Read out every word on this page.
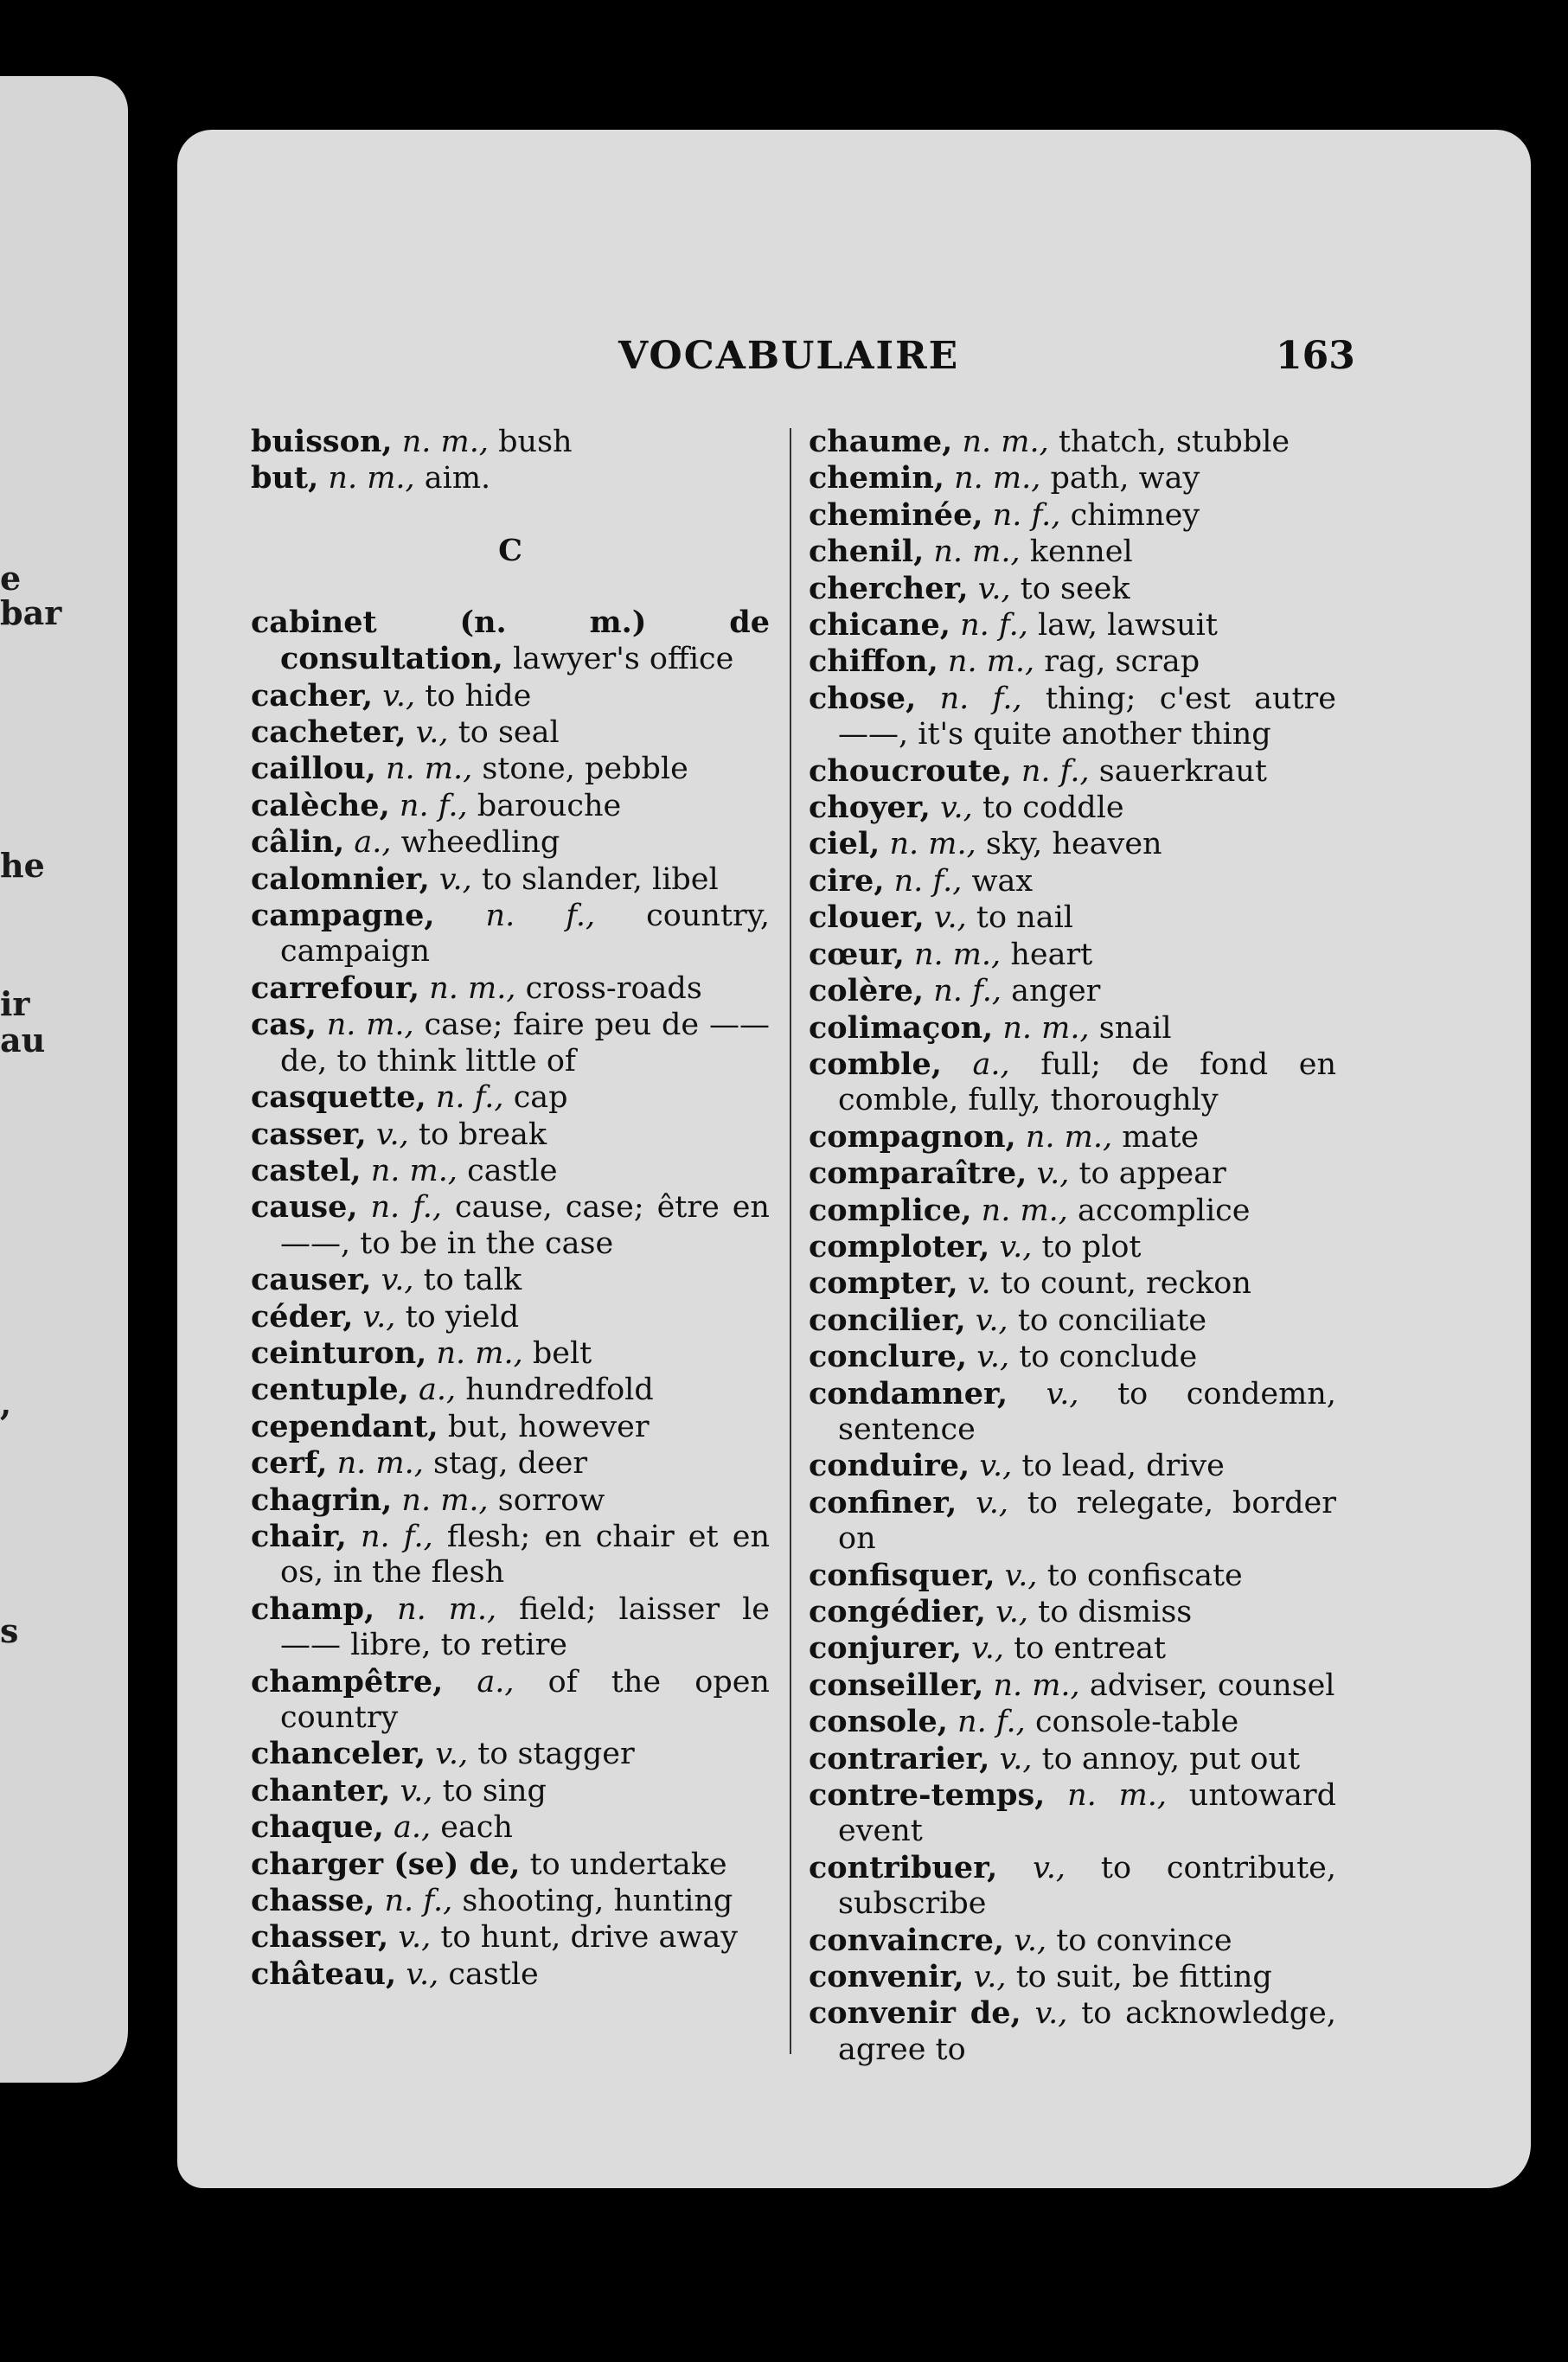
e
bar
he
ir
au
,
s
VOCABULAIRE	163

buisson, n. m., bush

but, n. m., aim.

C

cabinet (n. m.) de consultation, lawyer's office

cacher, v., to hide

cacheter, v., to seal

caillou, n. m., stone, pebble

calèche, n. f., barouche

câlin, a., wheedling

calomnier, v., to slander, libel

campagne, n. f., country, campaign

carrefour, n. m., cross-roads

cas, n. m., case; faire peu de —— de, to think little of

casquette, n. f., cap

casser, v., to break

castel, n. m., castle

cause, n. f., cause, case; être en ——, to be in the case

causer, v., to talk

céder, v., to yield

ceinturon, n. m., belt

centuple, a., hundredfold

cependant, but, however

cerf, n. m., stag, deer

chagrin, n. m., sorrow

chair, n. f., flesh; en chair et en os, in the flesh

champ, n. m., field; laisser le —— libre, to retire

champêtre, a., of the open country

chanceler, v., to stagger

chanter, v., to sing

chaque, a., each

charger (se) de, to undertake

chasse, n. f., shooting, hunting

chasser, v., to hunt, drive away

château, v., castle

chaume, n. m., thatch, stubble

chemin, n. m., path, way

cheminée, n. f., chimney

chenil, n. m., kennel

chercher, v., to seek

chicane, n. f., law, lawsuit

chiffon, n. m., rag, scrap

chose, n. f., thing; c'est autre ——, it's quite another thing

choucroute, n. f., sauerkraut

choyer, v., to coddle

ciel, n. m., sky, heaven

cire, n. f., wax

clouer, v., to nail

cœur, n. m., heart

colère, n. f., anger

colimaçon, n. m., snail

comble, a., full; de fond en comble, fully, thoroughly

compagnon, n. m., mate

comparaître, v., to appear

complice, n. m., accomplice

comploter, v., to plot

compter, v. to count, reckon

concilier, v., to conciliate

conclure, v., to conclude

condamner, v., to condemn, sentence

conduire, v., to lead, drive

confiner, v., to relegate, border on

confisquer, v., to confiscate

congédier, v., to dismiss

conjurer, v., to entreat

conseiller, n. m., adviser, counsel

console, n. f., console-table

contrarier, v., to annoy, put out

contre-temps, n. m., untoward event

contribuer, v., to contribute, subscribe

convaincre, v., to convince

convenir, v., to suit, be fitting

convenir de, v., to acknowledge, agree to
